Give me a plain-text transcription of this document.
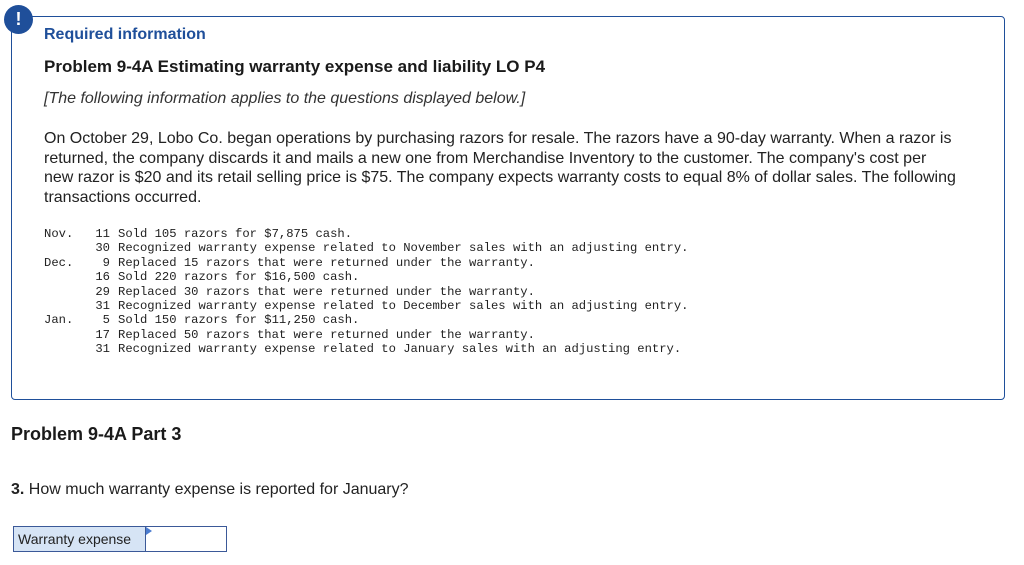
!
Required information
Problem 9-4A Estimating warranty expense and liability LO P4
[The following information applies to the questions displayed below.]
On October 29, Lobo Co. began operations by purchasing razors for resale. The razors have a 90-day warranty. When a razor is returned, the company discards it and mails a new one from Merchandise Inventory to the customer. The company's cost per new razor is $20 and its retail selling price is $75. The company expects warranty costs to equal 8% of dollar sales. The following transactions occurred.
Nov.	11	Sold 105 razors for $7,875 cash.
	30	Recognized warranty expense related to November sales with an adjusting entry.
Dec.	9	Replaced 15 razors that were returned under the warranty.
	16	Sold 220 razors for $16,500 cash.
	29	Replaced 30 razors that were returned under the warranty.
	31	Recognized warranty expense related to December sales with an adjusting entry.
Jan.	5	Sold 150 razors for $11,250 cash.
	17	Replaced 50 razors that were returned under the warranty.
	31	Recognized warranty expense related to January sales with an adjusting entry.
Problem 9-4A Part 3
3. How much warranty expense is reported for January?
Warranty expense
